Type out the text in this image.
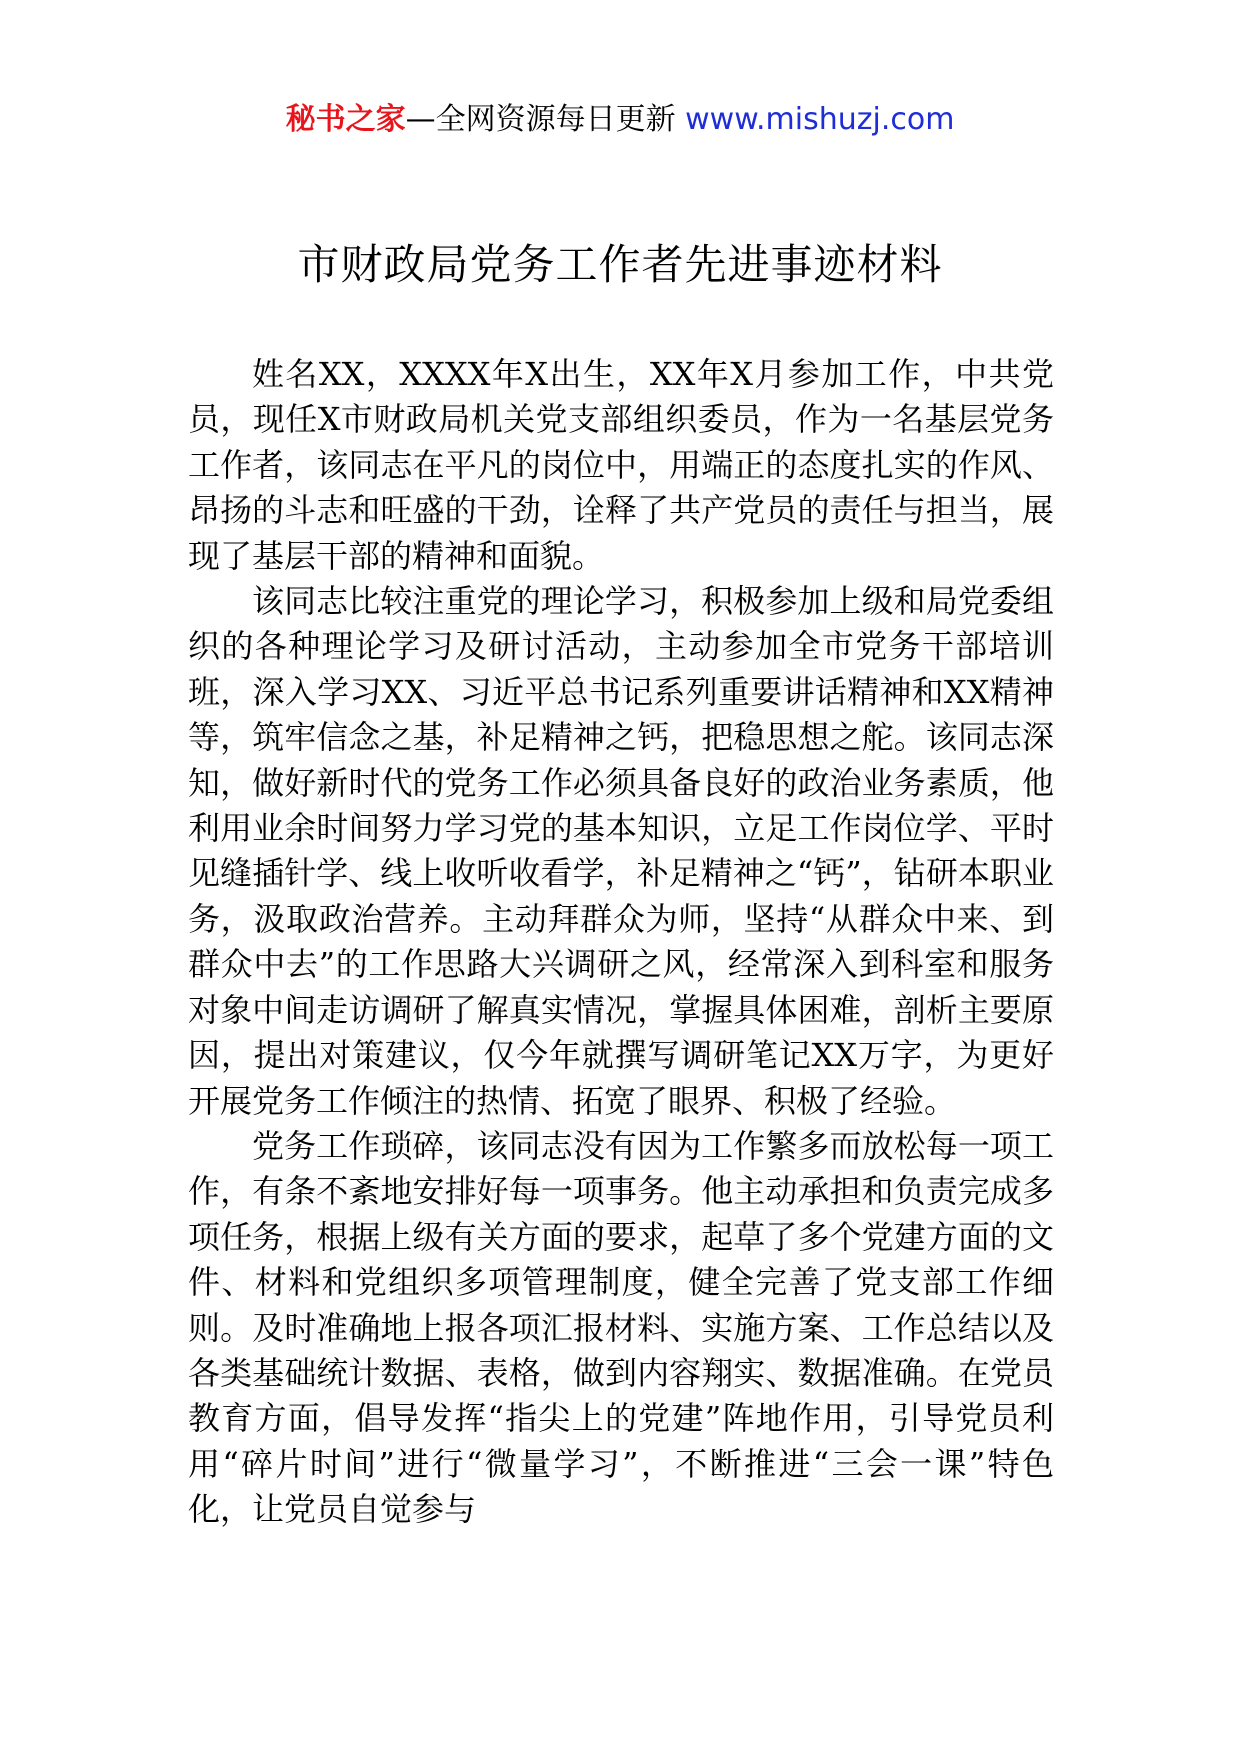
秘书之家—全网资源每日更新 www.mishuzj.com
市财政局党务工作者先进事迹材料

姓名XX，XXXX年X出生，XX年X月参加工作，中共党员，现任X市财政局机关党支部组织委员，作为一名基层党务工作者，该同志在平凡的岗位中，用端正的态度扎实的作风、昂扬的斗志和旺盛的干劲，诠释了共产党员的责任与担当，展现了基层干部的精神和面貌。

该同志比较注重党的理论学习，积极参加上级和局党委组织的各种理论学习及研讨活动，主动参加全市党务干部培训班，深入学习XX、习近平总书记系列重要讲话精神和XX精神等，筑牢信念之基，补足精神之钙，把稳思想之舵。该同志深知，做好新时代的党务工作必须具备良好的政治业务素质，他利用业余时间努力学习党的基本知识，立足工作岗位学、平时见缝插针学、线上收听收看学，补足精神之“钙”，钻研本职业务，汲取政治营养。主动拜群众为师，坚持“从群众中来、到群众中去”的工作思路大兴调研之风，经常深入到科室和服务对象中间走访调研了解真实情况，掌握具体困难，剖析主要原因，提出对策建议，仅今年就撰写调研笔记XX万字，为更好开展党务工作倾注的热情、拓宽了眼界、积极了经验。

党务工作琐碎，该同志没有因为工作繁多而放松每一项工作，有条不紊地安排好每一项事务。他主动承担和负责完成多项任务，根据上级有关方面的要求，起草了多个党建方面的文件、材料和党组织多项管理制度，健全完善了党支部工作细则。及时准确地上报各项汇报材料、实施方案、工作总结以及各类基础统计数据、表格，做到内容翔实、数据准确。在党员教育方面，倡导发挥“指尖上的党建”阵地作用，引导党员利用“碎片时间”进行“微量学习”，不断推进“三会一课”特色化，让党员自觉参与
